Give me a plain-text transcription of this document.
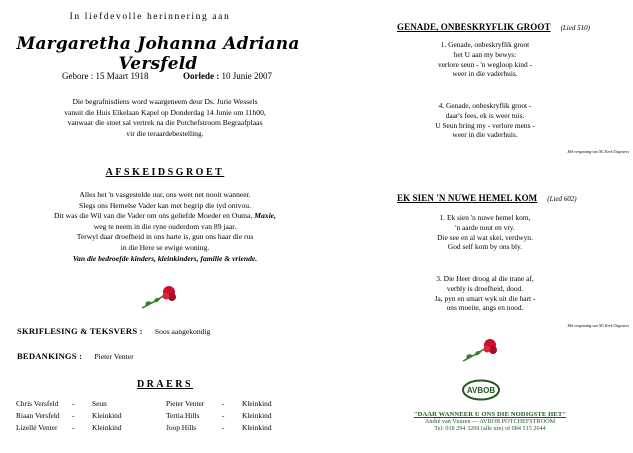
In liefdevolle herinnering aan
Margaretha Johanna Adriana Versfeld
Gebore : 15 Maart 1918	Oorlede : 10 Junie 2007
Die begrafnisdiens word waargeneem deur Ds. Jurie Wessels
vanuit die Huis Eikelaan Kapel op Donderdag 14 Junie om 11h00,
vanwaar die stoet sal vertrek na die Potchefstroom Begraafplaas
vir die teraardebestelling.
AFSKEIDSGROET
Alles het 'n vasgestelde uur, ons weet net nooit wanneer.
Slegs ons Hemelse Vader kan met begrip die tyd ontvou.
Dit was die Wil van die Vader om ons geliefde Moeder en Ouma, Maxie,
weg te neem in die ryne ouderdom van 89 jaar.
Terwyl daar droefheid in ons harte is, gun ons haar die rus
in die Here se ewige woning.
Van die bedroefde kinders, kleinkinders, familie & vriende.
SKRIFLESING & TEKSVERS : Soos aangekondig
BEDANKINGS : Pieter Venter
DRAERS
Chris Versfeld	-	Seun	Pieter Venter	-	Kleinkind
Riaan Versfeld	-	Kleinkind	Tertia Hills	-	Kleinkind
Lizellé Venter	-	Kleinkind	Joop Hills	-	Kleinkind
GENADE, ONBESKRYFLIK GROOT (Lied 510)
1. Genade, onbeskryflik groot
het U aan my bewys:
verlore seun - 'n weglooр kind -
weer in die vaderhuis.
4. Genade, onbeskryflik groot -
daar's fees, ek is weer tuis.
U Seun bring my - verlore mens -
weer in die vaderhuis.
Met vergunning van NG Kerk Uitgewers
EK SIEN 'N NUWE HEMEL KOM (Lied 602)
1. Ek sien 'n nuwe hemel kom,
'n aarde nuut en vry.
Die see en al wat skei, verdwyn.
God self kom by ons bly.
3. Die Heer droog al die trane af,
verbly is droefheid, dood.
Ja, pyn en smart wyk uit die hart -
ons moeite, angs en nood.
Met vergunning van NG Kerk Uitgewers
AVBOB
"DAAR WANNEER U ONS DIE NODIGSTE HET"
André van Vuuren — AVBOB POTCHEFSTROOM
Tel: 018 294 3269 (alle ure) of 084 515 2644
